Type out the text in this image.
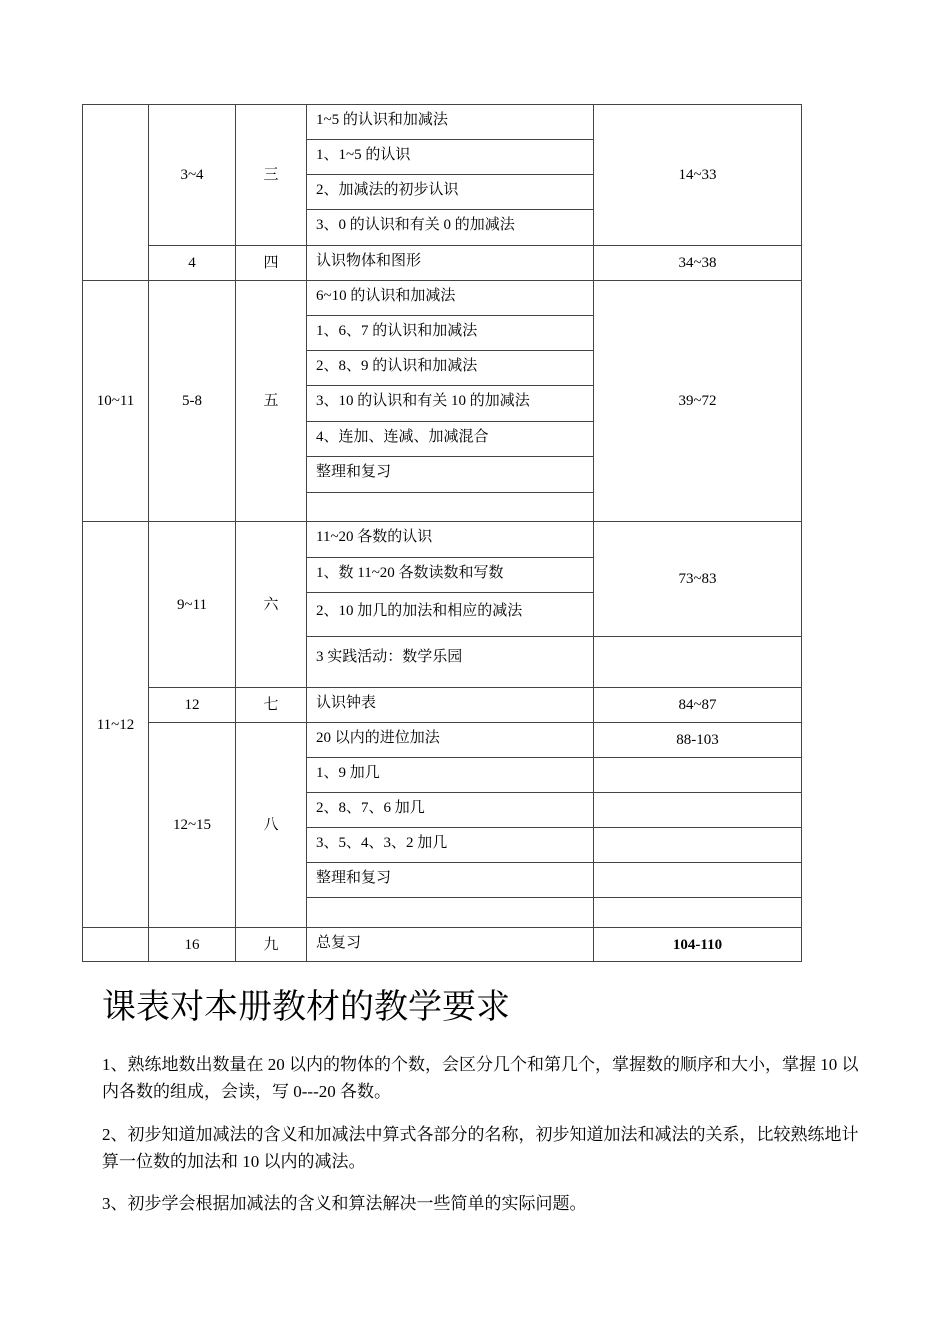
	3~4	三	1~5 的认识和加减法	14~33
			1、1~5 的认识	
			2、加减法的初步认识	
			3、0 的认识和有关 0 的加减法	
	4	四	认识物体和图形	34~38
10~11	5-8	五	6~10 的认识和加减法	39~72
			1、6、7 的认识和加减法	
			2、8、9 的认识和加减法	
			3、10 的认识和有关 10 的加减法	
			4、连加、连减、加减混合	
			整理和复习	

11~12	9~11	六	11~20 各数的认识	73~83
			1、数 11~20 各数读数和写数	
			2、10 加几的加法和相应的减法	
			3 实践活动：数学乐园	
	12	七	认识钟表	84~87
	12~15	八	20 以内的进位加法	88-103
			1、9 加几	
			2、8、7、6 加几	
			3、5、4、3、2 加几	
			整理和复习	

	16	九	总复习	104-110
课表对本册教材的教学要求

1、熟练地数出数量在 20 以内的物体的个数，会区分几个和第几个，掌握数的顺序和大小，掌握 10 以内各数的组成，会读，写 0---20 各数。

2、初步知道加减法的含义和加减法中算式各部分的名称，初步知道加法和减法的关系，比较熟练地计算一位数的加法和 10 以内的减法。

3、初步学会根据加减法的含义和算法解决一些简单的实际问题。
